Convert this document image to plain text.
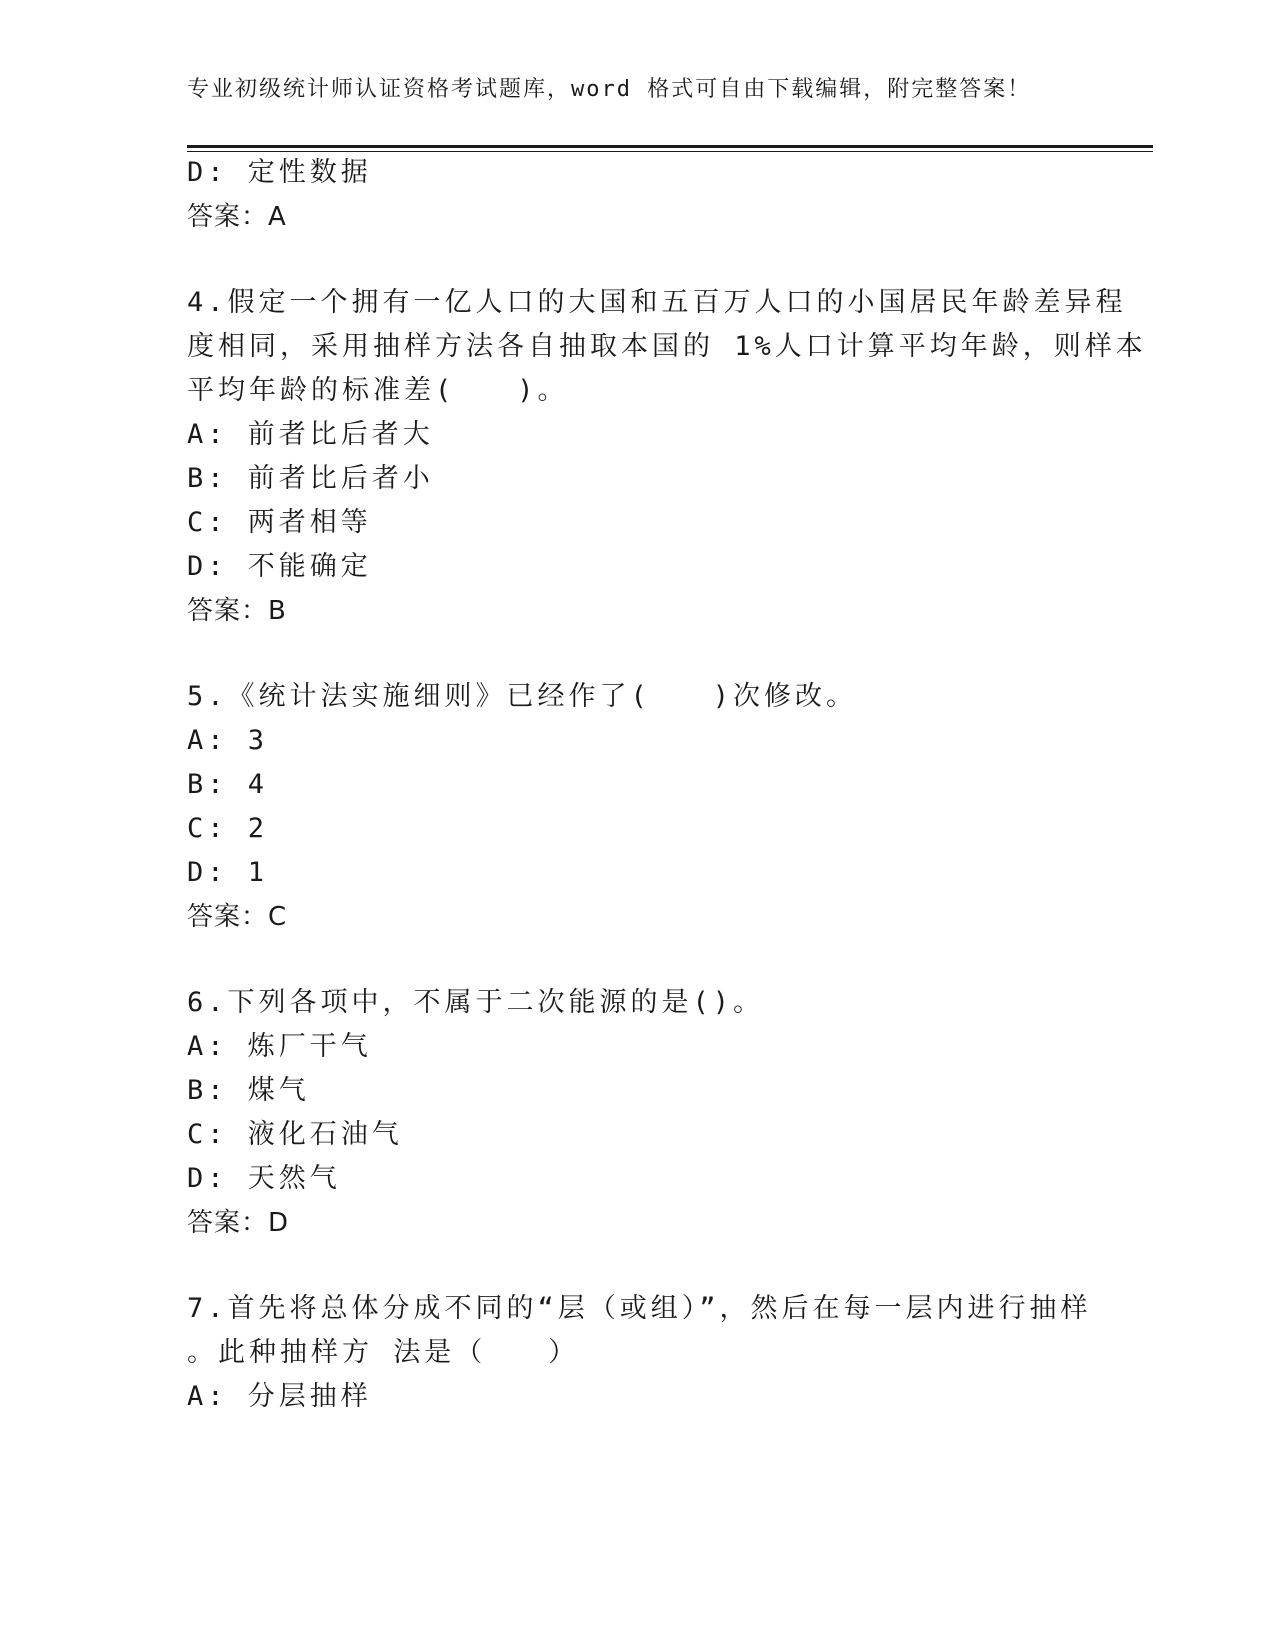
专业初级统计师认证资格考试题库，word 格式可自由下载编辑，附完整答案！
D: 定性数据
答案：A
4.假定一个拥有一亿人口的大国和五百万人口的小国居民年龄差异程
度相同，采用抽样方法各自抽取本国的 1%人口计算平均年龄，则样本
平均年龄的标准差(　　)。
A: 前者比后者大
B: 前者比后者小
C: 两者相等
D: 不能确定
答案：B
5.《统计法实施细则》已经作了(　　)次修改。
A: 3
B: 4
C: 2
D: 1
答案：C
6.下列各项中，不属于二次能源的是()。
A: 炼厂干气
B: 煤气
C: 液化石油气
D: 天然气
答案：D
7.首先将总体分成不同的“层（或组）”，然后在每一层内进行抽样
。此种抽样方 法是（　　）
A: 分层抽样
